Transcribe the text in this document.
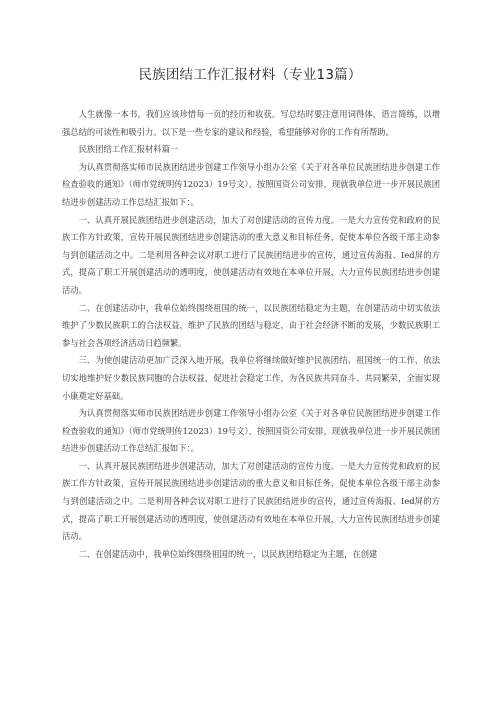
民族团结工作汇报材料（专业13篇）

人生就像一本书，我们应该珍惜每一页的经历和收获。写总结时要注意用词得体，语言简练，以增强总结的可读性和吸引力。以下是一些专家的建议和经验，希望能够对你的工作有所帮助。

民族团结工作汇报材料篇一

为认真贯彻落实师市民族团结进步创建工作领导小组办公室《关于对各单位民族团结进步创建工作检查验收的通知》（师市党统明传12023）19号文），按照国资公司安排，现就我单位进一步开展民族团结进步创建活动工作总结汇报如下：。

一、认真开展民族团结进步创建活动，加大了对创建活动的宣传力度。一是大力宣传党和政府的民族工作方针政策，宣传开展民族团结进步创建活动的重大意义和目标任务，促使本单位各级干部主动参与到创建活动之中。二是利用各种会议对职工进行了民族团结进步的宣传，通过宣传海报、Ied屏的方式，提高了职工开展创建活动的透明度，使创建活动有效地在本单位开展，大力宣传民族团结进步创建活动。

二、在创建活动中，我单位始终围绕祖国的统一，以民族团结稳定为主题，在创建活动中切实依法维护了少数民族职工的合法权益，维护了民族的团结与稳定，由于社会经济不断的发展，少数民族职工参与社会各项经济活动日趋频繁。

三、为使创建活动更加广泛深入地开展，我单位将继续做好维护民族团结、祖国统一的工作，依法切实地维护好少数民族同胞的合法权益，促进社会稳定工作，为各民族共同奋斗、共同繁荣，全面实现小康奠定好基础。

为认真贯彻落实师市民族团结进步创建工作领导小组办公室《关于对各单位民族团结进步创建工作检查验收的通知》（师市党统明传12023）19号文），按照国资公司安排，现就我单位进一步开展民族团结进步创建活动工作总结汇报如下：。

一、认真开展民族团结进步创建活动，加大了对创建活动的宣传力度。一是大力宣传党和政府的民族工作方针政策，宣传开展民族团结进步创建活动的重大意义和目标任务，促使本单位各级干部主动参与到创建活动之中。二是利用各种会议对职工进行了民族团结进步的宣传，通过宣传海报、Ied屏的方式，提高了职工开展创建活动的透明度，使创建活动有效地在本单位开展，大力宣传民族团结进步创建活动。

二、在创建活动中，我单位始终围绕祖国的统一，以民族团结稳定为主题，在创建
